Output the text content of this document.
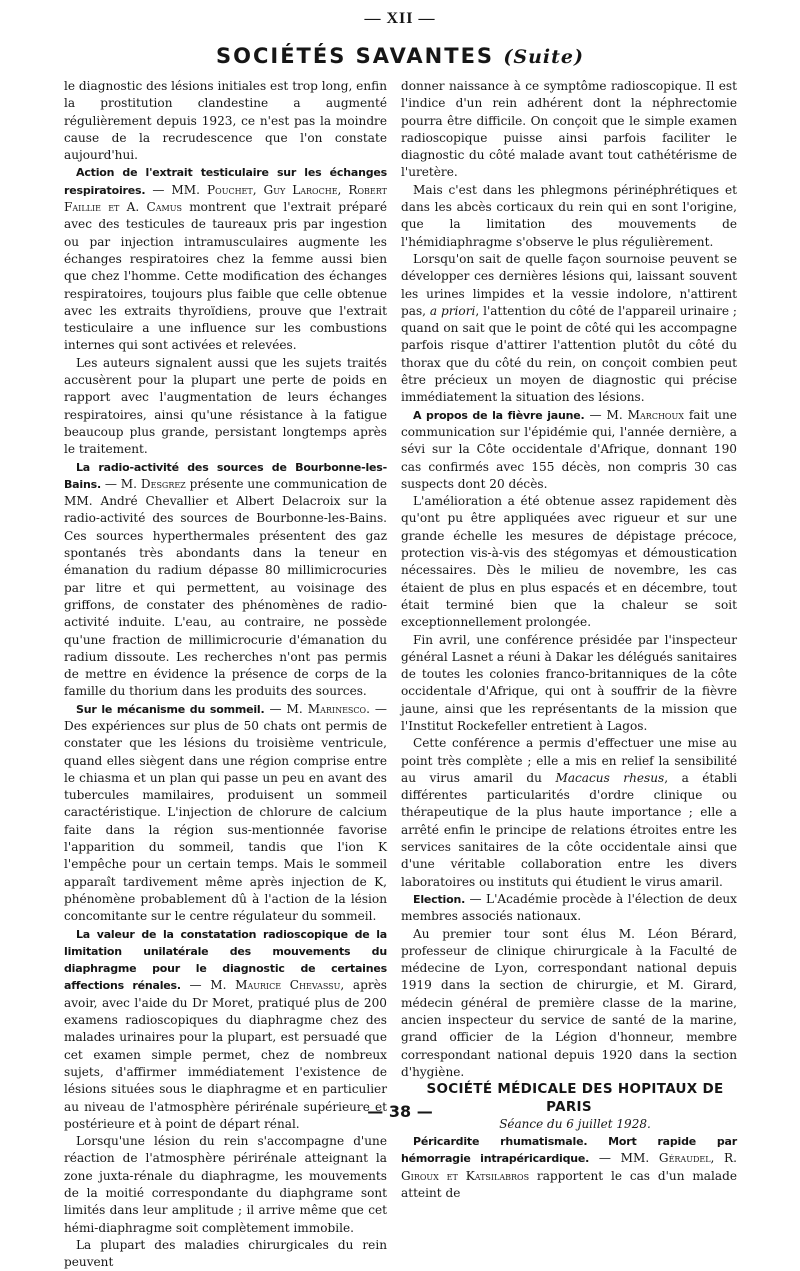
— XII —
SOCIÉTÉS SAVANTES (Suite)

le diagnostic des lésions initiales est trop long, enfin la prostitution clandestine a augmenté régulièrement depuis 1923, ce n'est pas la moindre cause de la recrudescence que l'on constate aujourd'hui.

Action de l'extrait testiculaire sur les échanges respiratoires. — MM. Pouchet, Guy Laroche, Robert Faillie et A. Camus montrent que l'extrait préparé avec des testicules de taureaux pris par ingestion ou par injection intramusculaires augmente les échanges respiratoires chez la femme aussi bien que chez l'homme. Cette modification des échanges respiratoires, toujours plus faible que celle obtenue avec les extraits thyroïdiens, prouve que l'extrait testiculaire a une influence sur les combustions internes qui sont activées et relevées.

Les auteurs signalent aussi que les sujets traités accusèrent pour la plupart une perte de poids en rapport avec l'augmentation de leurs échanges respiratoires, ainsi qu'une résistance à la fatigue beaucoup plus grande, persistant longtemps après le traitement.

La radio-activité des sources de Bourbonne-les-Bains. — M. Desgrez présente une communication de MM. André Chevallier et Albert Delacroix sur la radio-activité des sources de Bourbonne-les-Bains. Ces sources hyperthermales présentent des gaz spontanés très abondants dans la teneur en émanation du radium dépasse 80 millimicrocuries par litre et qui permettent, au voisinage des griffons, de constater des phénomènes de radio-activité induite. L'eau, au contraire, ne possède qu'une fraction de millimicrocurie d'émanation du radium dissoute. Les recherches n'ont pas permis de mettre en évidence la présence de corps de la famille du thorium dans les produits des sources.

Sur le mécanisme du sommeil. — M. Marinesco. — Des expériences sur plus de 50 chats ont permis de constater que les lésions du troisième ventricule, quand elles siègent dans une région comprise entre le chiasma et un plan qui passe un peu en avant des tubercules mamilaires, produisent un sommeil caractéristique. L'injection de chlorure de calcium faite dans la région sus-mentionnée favorise l'apparition du sommeil, tandis que l'ion K l'empêche pour un certain temps. Mais le sommeil apparaît tardivement même après injection de K, phénomène probablement dû à l'action de la lésion concomitante sur le centre régulateur du sommeil.

La valeur de la constatation radioscopique de la limitation unilatérale des mouvements du diaphragme pour le diagnostic de certaines affections rénales. — M. Maurice Chevassu, après avoir, avec l'aide du Dr Moret, pratiqué plus de 200 examens radioscopiques du diaphragme chez des malades urinaires pour la plupart, est persuadé que cet examen simple permet, chez de nombreux sujets, d'affirmer immédiatement l'existence de lésions situées sous le diaphragme et en particulier au niveau de l'atmosphère périrénale supérieure et postérieure et à point de départ rénal.

Lorsqu'une lésion du rein s'accompagne d'une réaction de l'atmosphère périrénale atteignant la zone juxta-rénale du diaphragme, les mouvements de la moitié correspondante du diaphgrame sont limités dans leur amplitude ; il arrive même que cet hémi-diaphragme soit complètement immobile.

La plupart des maladies chirurgicales du rein peuvent

donner naissance à ce symptôme radioscopique. Il est l'indice d'un rein adhérent dont la néphrectomie pourra être difficile. On conçoit que le simple examen radioscopique puisse ainsi parfois faciliter le diagnostic du côté malade avant tout cathétérisme de l'uretère.

Mais c'est dans les phlegmons périnéphrétiques et dans les abcès corticaux du rein qui en sont l'origine, que la limitation des mouvements de l'hémidiaphragme s'observe le plus régulièrement.

Lorsqu'on sait de quelle façon sournoise peuvent se développer ces dernières lésions qui, laissant souvent les urines limpides et la vessie indolore, n'attirent pas, a priori, l'attention du côté de l'appareil urinaire ; quand on sait que le point de côté qui les accompagne parfois risque d'attirer l'attention plutôt du côté du thorax que du côté du rein, on conçoit combien peut être précieux un moyen de diagnostic qui précise immédiatement la situation des lésions.

A propos de la fièvre jaune. — M. Marchoux fait une communication sur l'épidémie qui, l'année dernière, a sévi sur la Côte occidentale d'Afrique, donnant 190 cas confirmés avec 155 décès, non compris 30 cas suspects dont 20 décès.

L'amélioration a été obtenue assez rapidement dès qu'ont pu être appliquées avec rigueur et sur une grande échelle les mesures de dépistage précoce, protection vis-à-vis des stégomyas et démoustication nécessaires. Dès le milieu de novembre, les cas étaient de plus en plus espacés et en décembre, tout était terminé bien que la chaleur se soit exceptionnellement prolongée.

Fin avril, une conférence présidée par l'inspecteur général Lasnet a réuni à Dakar les délégués sanitaires de toutes les colonies franco-britanniques de la côte occidentale d'Afrique, qui ont à souffrir de la fièvre jaune, ainsi que les représentants de la mission que l'Institut Rockefeller entretient à Lagos.

Cette conférence a permis d'effectuer une mise au point très complète ; elle a mis en relief la sensibilité au virus amaril du Macacus rhesus, a établi différentes particularités d'ordre clinique ou thérapeutique de la plus haute importance ; elle a arrêté enfin le principe de relations étroites entre les services sanitaires de la côte occidentale ainsi que d'une véritable collaboration entre les divers laboratoires ou instituts qui étudient le virus amaril.

Election. — L'Académie procède à l'élection de deux membres associés nationaux.

Au premier tour sont élus M. Léon Bérard, professeur de clinique chirurgicale à la Faculté de médecine de Lyon, correspondant national depuis 1919 dans la section de chirurgie, et M. Girard, médecin général de première classe de la marine, ancien inspecteur du service de santé de la marine, grand officier de la Légion d'honneur, membre correspondant national depuis 1920 dans la section d'hygiène.

SOCIÉTÉ MÉDICALE DES HOPITAUX DE PARIS

Séance du 6 juillet 1928.

Péricardite rhumatismale. Mort rapide par hémorragie intrapéricardique. — MM. Géraudel, R. Giroux et Katsilabros rapportent le cas d'un malade atteint de

— 38 —
